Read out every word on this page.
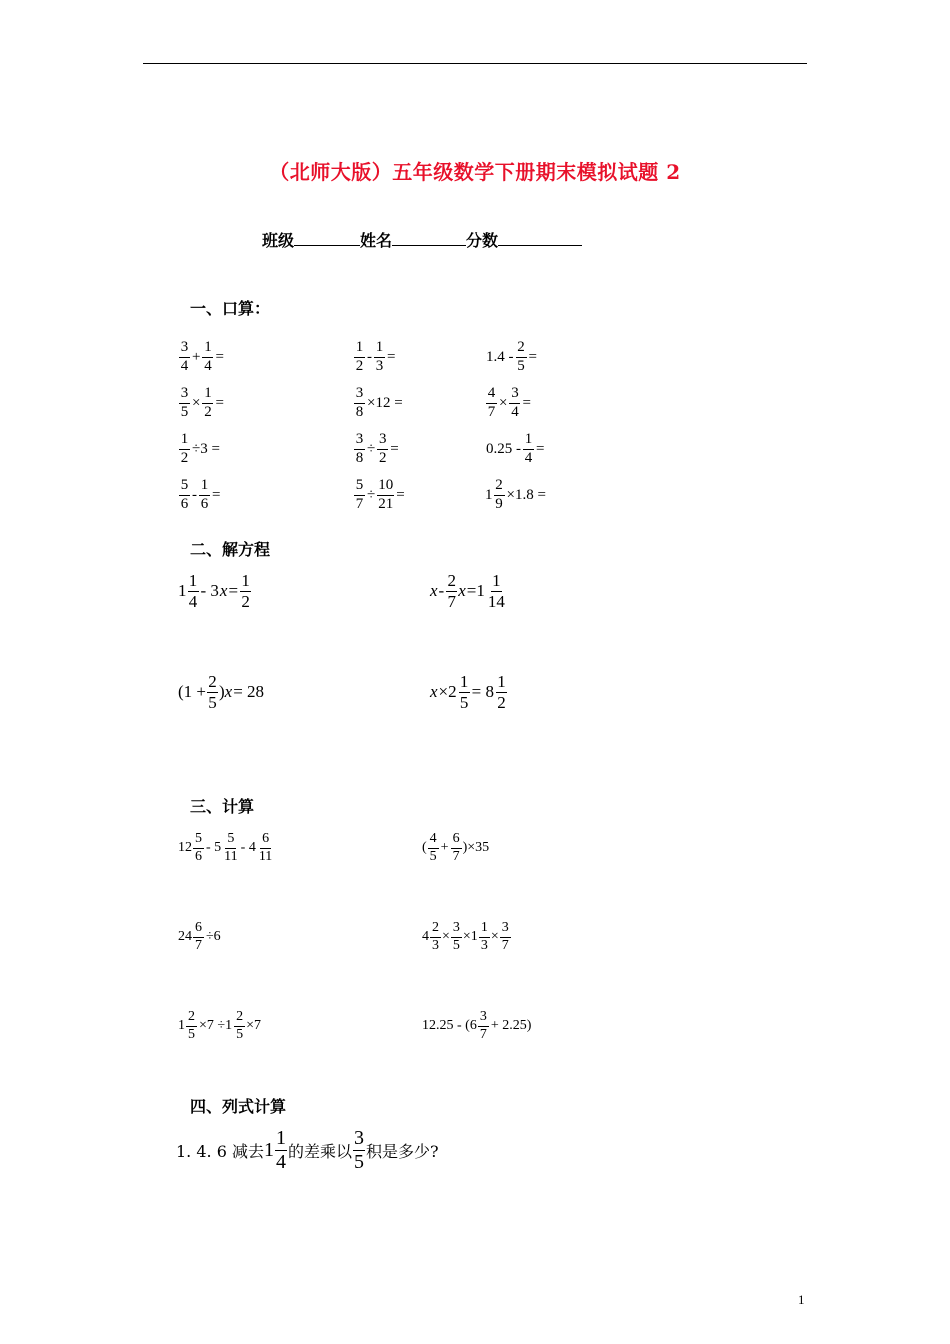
（北师大版）五年级数学下册期末模拟试题 2
班级	姓名	分数
一、口算：
$\frac{3}{4} + \frac{1}{4}$ =	$\frac{1}{2} - \frac{1}{3}$ =	$1.4 - \frac{2}{5}$ =
$\frac{3}{5} \times \frac{1}{2}$ =	$\frac{3}{8} \times 12$ =	$\frac{4}{7} \times \frac{3}{4}$ =
$\frac{1}{2} \div 3$ =	$\frac{3}{8} \div \frac{3}{2}$ =	$0.25 - \frac{1}{4}$ =
$\frac{5}{6} - \frac{1}{6}$ =	$\frac{5}{7} \div \frac{10}{21}$ =	$1 \frac{2}{9} \times 1.8$ =
二、解方程
$1 \frac{1}{4} - 3$ $x = \frac{1}{2}$	x - $\frac{2}{7}$ $x =1 \frac{1}{14}$
($1 + \frac{2}{5}$ ) x = 28	$x \times 2 \frac{1}{5} = 8 \frac{1}{2}$
三、计算
$12 \frac{5}{6} - 5 \frac{5}{11} - 4 \frac{6}{11}$	( $\frac{4}{5} + \frac{6}{7} )\times 35$
$24 \frac{6}{7} \div 6$	$4 \frac{2}{3} \times \frac{3}{5} \times 1 \frac{1}{3} \times \frac{3}{7}$
$1 \frac{2}{5} \times 7 \div 1 \frac{2}{5} \times 7$	$12.25 - (6 \frac{3}{7} + 2.25)$
四、列式计算
1. 4. 6 减去 $1 \frac{1}{4}$ 的差乘以 $\frac{3}{5}$ 积是多少?
1
